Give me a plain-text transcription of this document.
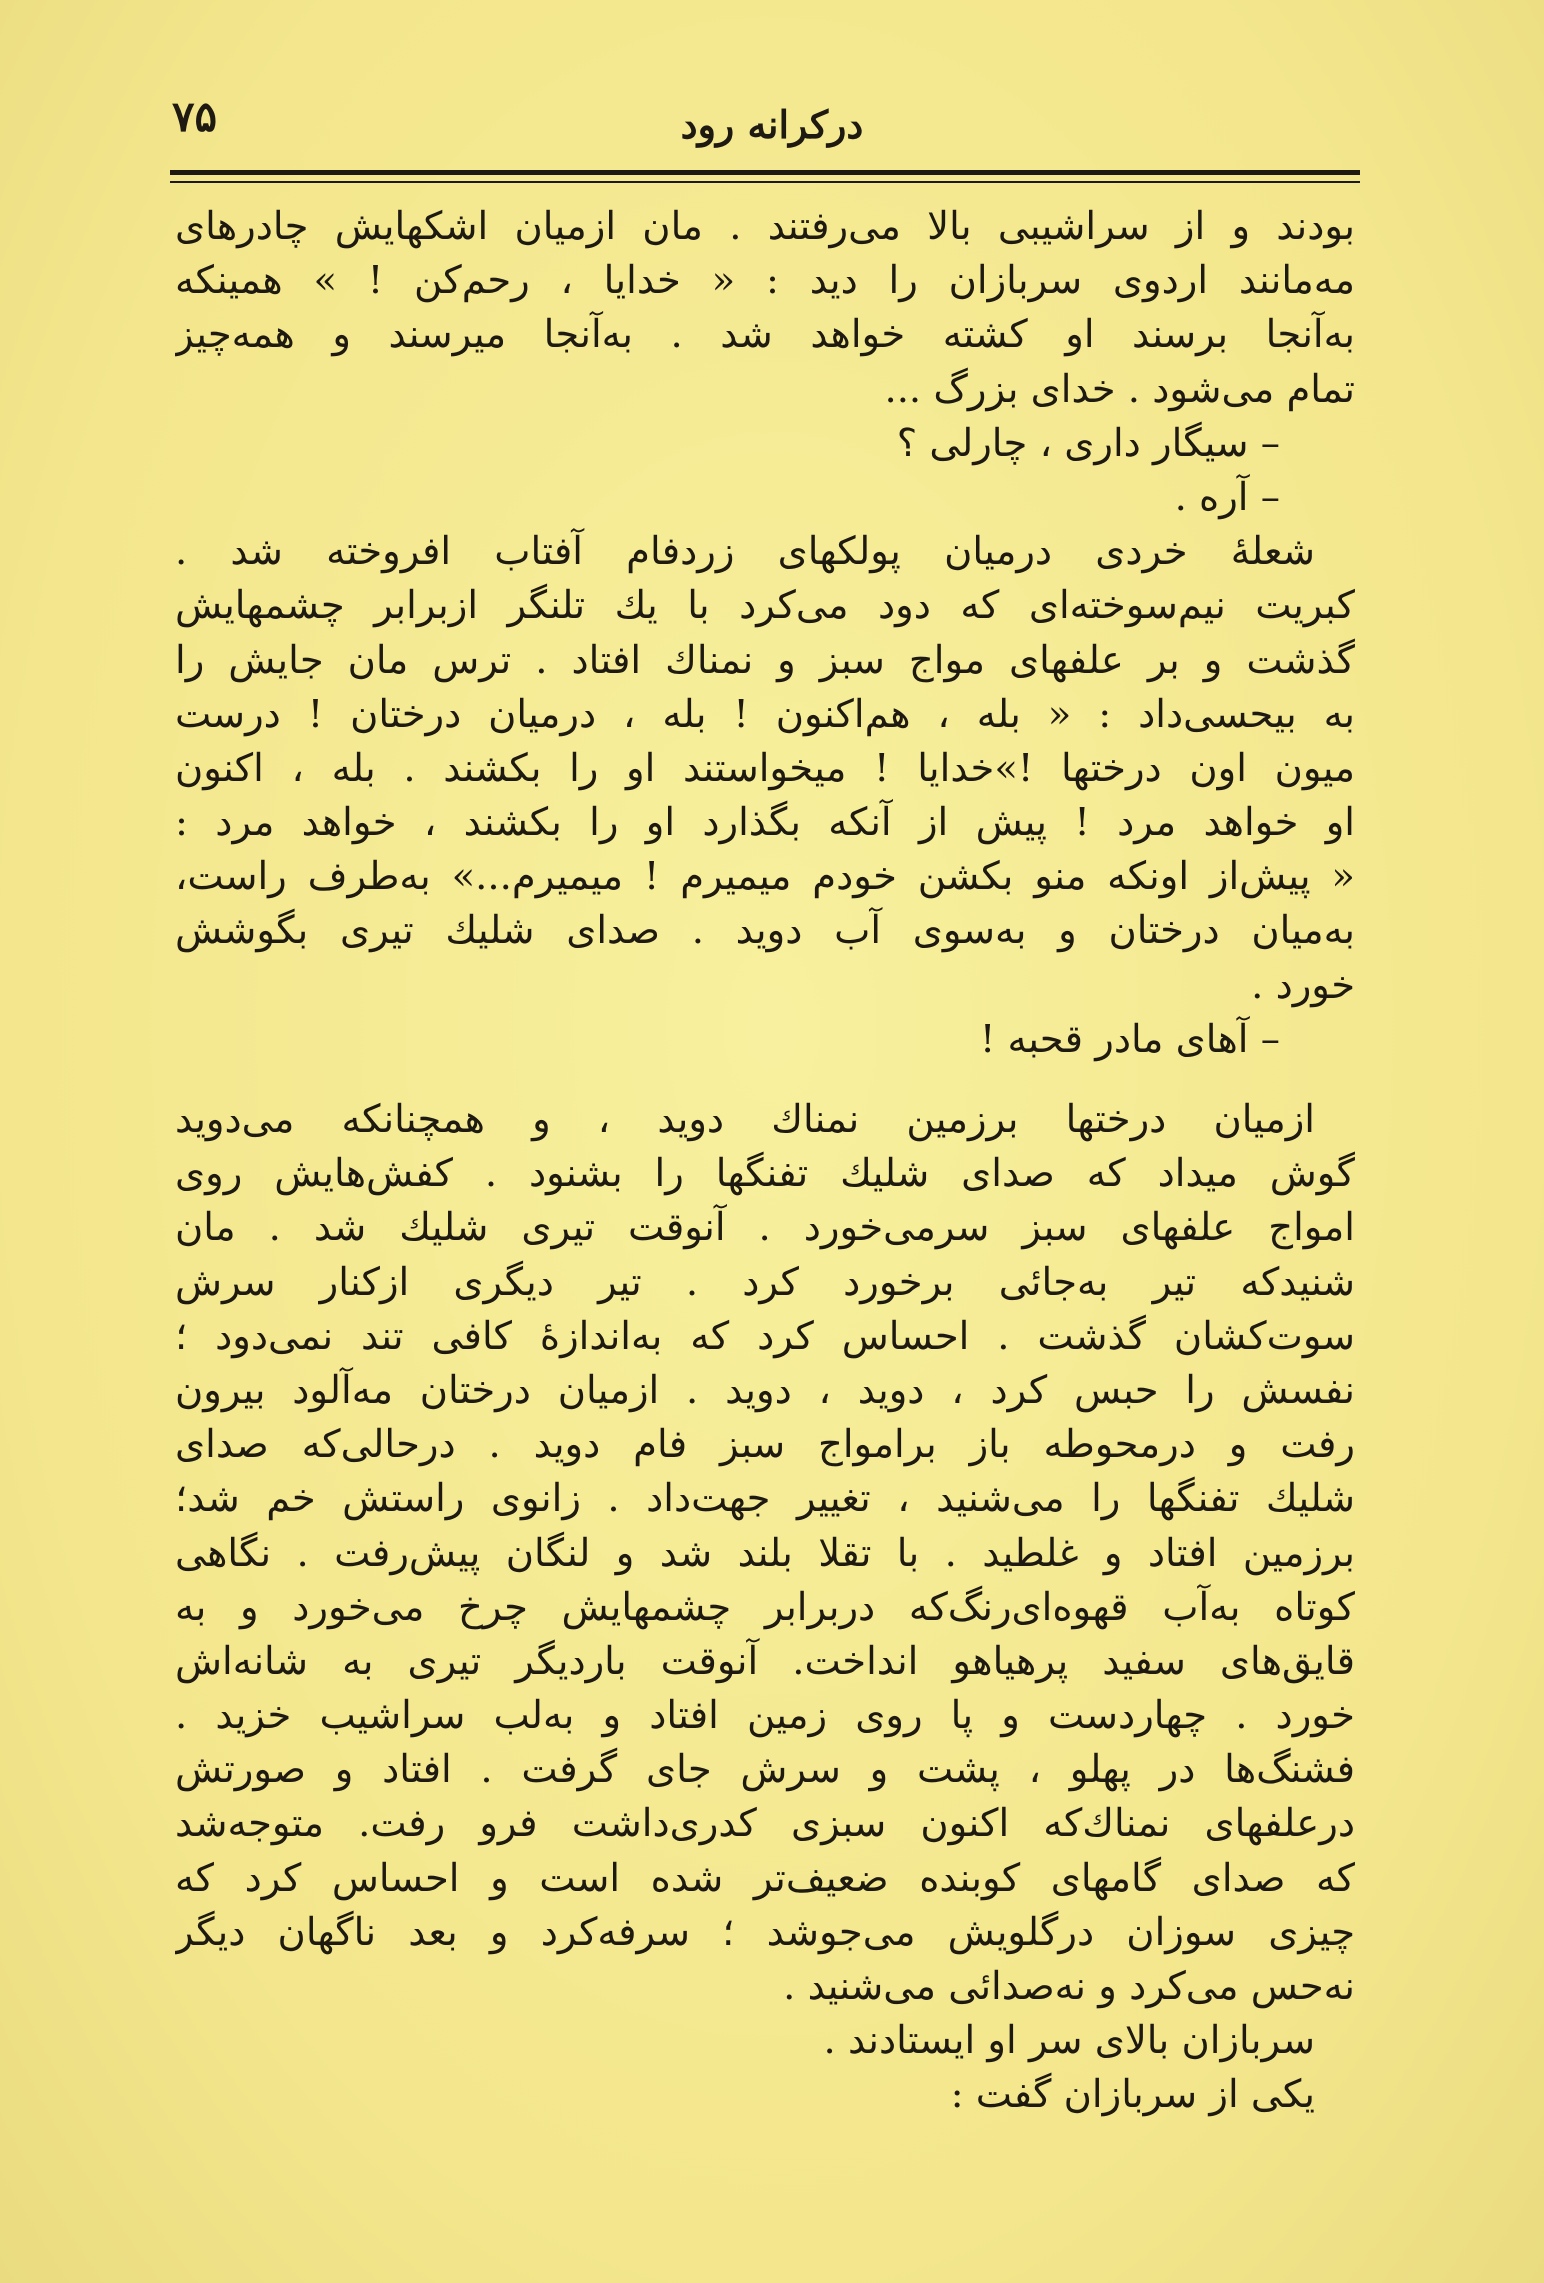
۷۵	درکرانه رود
بودند و از سراشیبی بالا می‌رفتند . مان ازمیان اشکهایش چادرهای
مه‌مانند اردوی سربازان را دید : « خدایا ، رحم‌کن ! » همینکه
به‌آنجا برسند او کشته خواهد شد . به‌آنجا میرسند و همه‌چیز
تمام می‌شود . خدای بزرگ ...
– سیگار داری ، چارلی ؟
– آره .
شعلهٔ خردی درمیان پولکهای زردفام آفتاب افروخته شد .
کبریت نیم‌سوخته‌ای که دود می‌کرد با یك تلنگر ازبرابر چشمهایش
گذشت و بر علفهای مواج سبز و نمناك افتاد . ترس مان جایش را
به بیحسی‌داد : « بله ، هم‌اکنون ! بله ، درمیان درختان ! درست
میون اون درختها !»خدایا ! میخواستند او را بکشند . بله ، اکنون
او خواهد مرد ! پیش از آنکه بگذارد او را بکشند ، خواهد مرد :
« پیش‌از اونکه منو بکشن خودم میمیرم ! میمیرم...» به‌طرف راست،
به‌میان درختان و به‌سوی آب دوید . صدای شلیك تیری بگوشش
خورد .
– آهای مادر قحبه !
ازمیان درختها برزمین نمناك دوید ، و همچنانکه می‌دوید
گوش میداد که صدای شلیك تفنگها را بشنود . کفش‌هایش روی
امواج علفهای سبز سرمی‌خورد . آنوقت تیری شلیك شد . مان
شنیدکه تیر به‌جائی برخورد کرد . تیر دیگری ازکنار سرش
سوت‌کشان گذشت . احساس کرد که به‌اندازهٔ کافی تند نمی‌دود ؛
نفسش را حبس کرد ، دوید ، دوید . ازمیان درختان مه‌آلود بیرون
رفت و درمحوطه باز برامواج سبز فام دوید . درحالی‌که صدای
شلیك تفنگها را می‌شنید ، تغییر جهت‌داد . زانوی راستش خم شد؛
برزمین افتاد و غلطید . با تقلا بلند شد و لنگان پیش‌رفت . نگاهی
کوتاه به‌آب قهوه‌ای‌رنگ‌که دربرابر چشمهایش چرخ می‌خورد و به
قایق‌های سفید پرهیاهو انداخت. آنوقت باردیگر تیری به شانه‌اش
خورد . چهاردست و پا روی زمین افتاد و به‌لب سراشیب خزید .
فشنگ‌ها در پهلو ، پشت و سرش جای گرفت . افتاد و صورتش
درعلفهای نمناك‌که اکنون سبزی کدری‌داشت فرو رفت. متوجه‌شد
که صدای گامهای کوبنده ضعیف‌تر شده است و احساس کرد که
چیزی سوزان درگلویش می‌جوشد ؛ سرفه‌کرد و بعد ناگهان دیگر
نه‌حس می‌کرد و نه‌صدائی می‌شنید .
سربازان بالای سر او ایستادند .
یکی از سربازان گفت :
